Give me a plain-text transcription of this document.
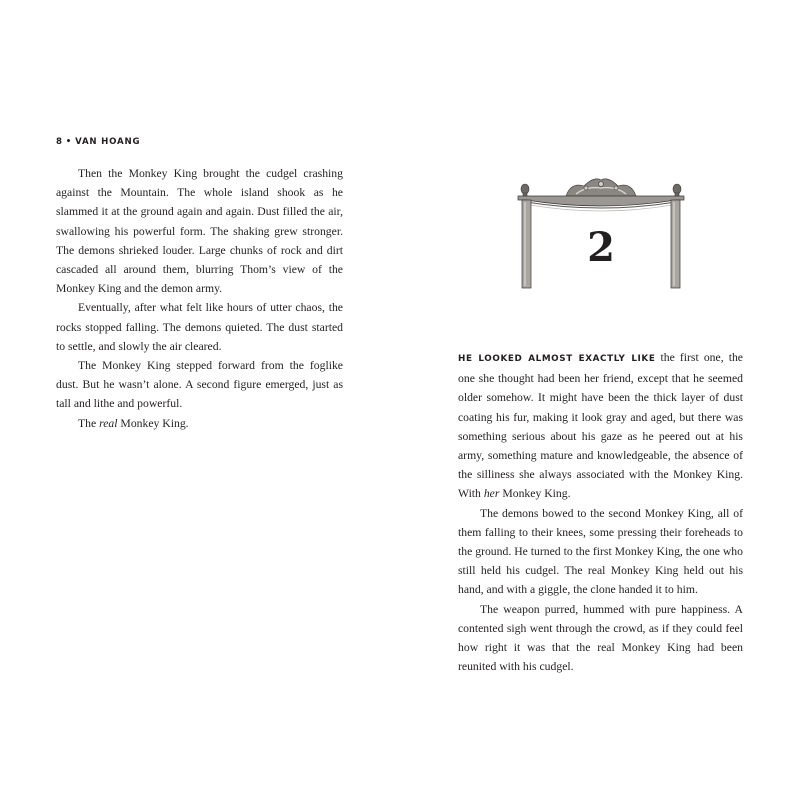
8 • VAN HOANG

Then the Monkey King brought the cudgel crashing against the Mountain. The whole island shook as he slammed it at the ground again and again. Dust filled the air, swallowing his powerful form. The shaking grew stronger. The demons shrieked louder. Large chunks of rock and dirt cascaded all around them, blurring Thom’s view of the Monkey King and the demon army.

Eventually, after what felt like hours of utter chaos, the rocks stopped falling. The demons quieted. The dust started to settle, and slowly the air cleared.

The Monkey King stepped forward from the foglike dust. But he wasn’t alone. A second figure emerged, just as tall and lithe and powerful.

The real Monkey King.

2

HE LOOKED ALMOST EXACTLY LIKE the first one, the one she thought had been her friend, except that he seemed older somehow. It might have been the thick layer of dust coating his fur, making it look gray and aged, but there was something serious about his gaze as he peered out at his army, something mature and knowledgeable, the absence of the silliness she always associated with the Monkey King. With her Monkey King.

The demons bowed to the second Monkey King, all of them falling to their knees, some pressing their foreheads to the ground. He turned to the first Monkey King, the one who still held his cudgel. The real Monkey King held out his hand, and with a giggle, the clone handed it to him.

The weapon purred, hummed with pure happiness. A contented sigh went through the crowd, as if they could feel how right it was that the real Monkey King had been reunited with his cudgel.
